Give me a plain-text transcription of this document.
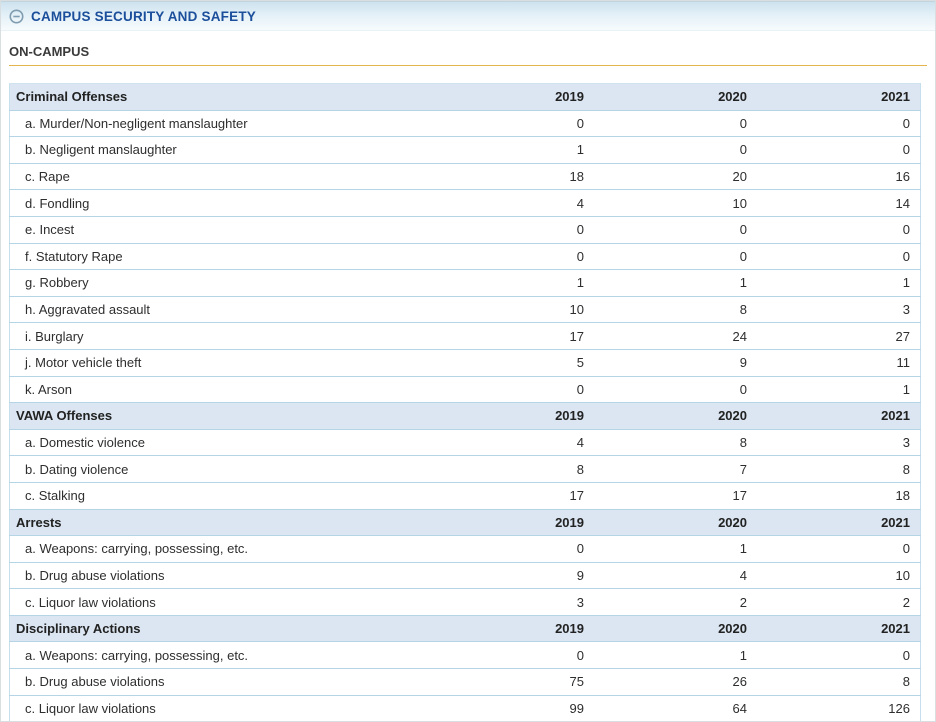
CAMPUS SECURITY AND SAFETY
ON-CAMPUS
Criminal Offenses	2019	2020	2021
a. Murder/Non-negligent manslaughter	0	0	0
b. Negligent manslaughter	1	0	0
c. Rape	18	20	16
d. Fondling	4	10	14
e. Incest	0	0	0
f. Statutory Rape	0	0	0
g. Robbery	1	1	1
h. Aggravated assault	10	8	3
i. Burglary	17	24	27
j. Motor vehicle theft	5	9	11
k. Arson	0	0	1
VAWA Offenses	2019	2020	2021
a. Domestic violence	4	8	3
b. Dating violence	8	7	8
c. Stalking	17	17	18
Arrests	2019	2020	2021
a. Weapons: carrying, possessing, etc.	0	1	0
b. Drug abuse violations	9	4	10
c. Liquor law violations	3	2	2
Disciplinary Actions	2019	2020	2021
a. Weapons: carrying, possessing, etc.	0	1	0
b. Drug abuse violations	75	26	8
c. Liquor law violations	99	64	126
